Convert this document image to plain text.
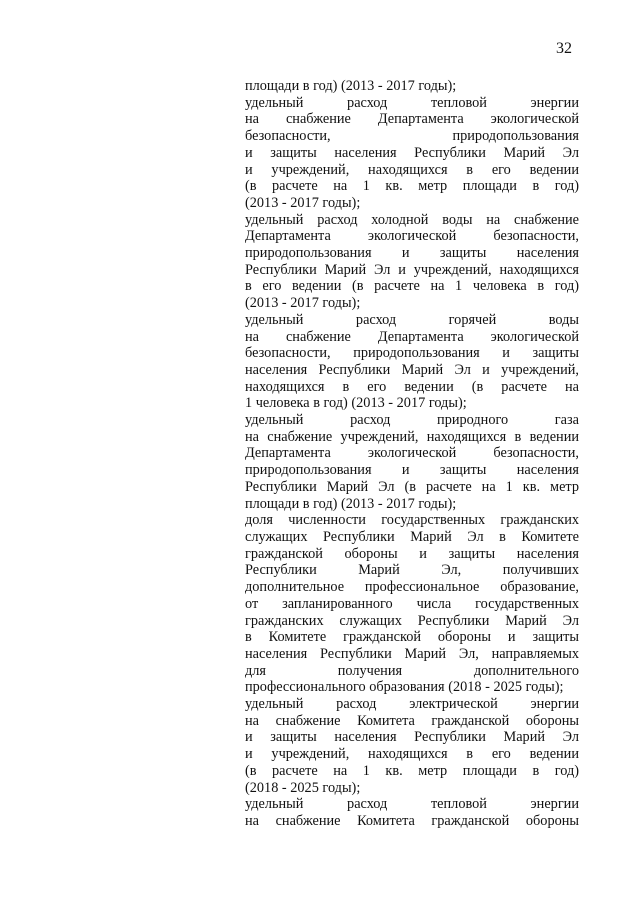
32

площади в год) (2013 - 2017 годы);

удельный расход тепловой энергии
на снабжение Департамента экологической
безопасности, природопользования
и защиты населения Республики Марий Эл
и учреждений, находящихся в его ведении
(в расчете на 1 кв. метр площади в год)
(2013 - 2017 годы);

удельный расход холодной воды на снабжение
Департамента экологической безопасности,
природопользования и защиты населения
Республики Марий Эл и учреждений, находящихся
в его ведении (в расчете на 1 человека в год)
(2013 - 2017 годы);

удельный расход горячей воды
на снабжение Департамента экологической
безопасности, природопользования и защиты
населения Республики Марий Эл и учреждений,
находящихся в его ведении (в расчете на
1 человека в год) (2013 - 2017 годы);

удельный расход природного газа
на снабжение учреждений, находящихся в ведении
Департамента экологической безопасности,
природопользования и защиты населения
Республики Марий Эл (в расчете на 1 кв. метр
площади в год) (2013 - 2017 годы);

доля численности государственных гражданских
служащих Республики Марий Эл в Комитете
гражданской обороны и защиты населения
Республики Марий Эл, получивших
дополнительное профессиональное образование,
от запланированного числа государственных
гражданских служащих Республики Марий Эл
в Комитете гражданской обороны и защиты
населения Республики Марий Эл, направляемых
для получения дополнительного
профессионального образования (2018 - 2025 годы);

удельный расход электрической энергии
на снабжение Комитета гражданской обороны
и защиты населения Республики Марий Эл
и учреждений, находящихся в его ведении
(в расчете на 1 кв. метр площади в год)
(2018 - 2025 годы);

удельный расход тепловой энергии
на снабжение Комитета гражданской обороны
